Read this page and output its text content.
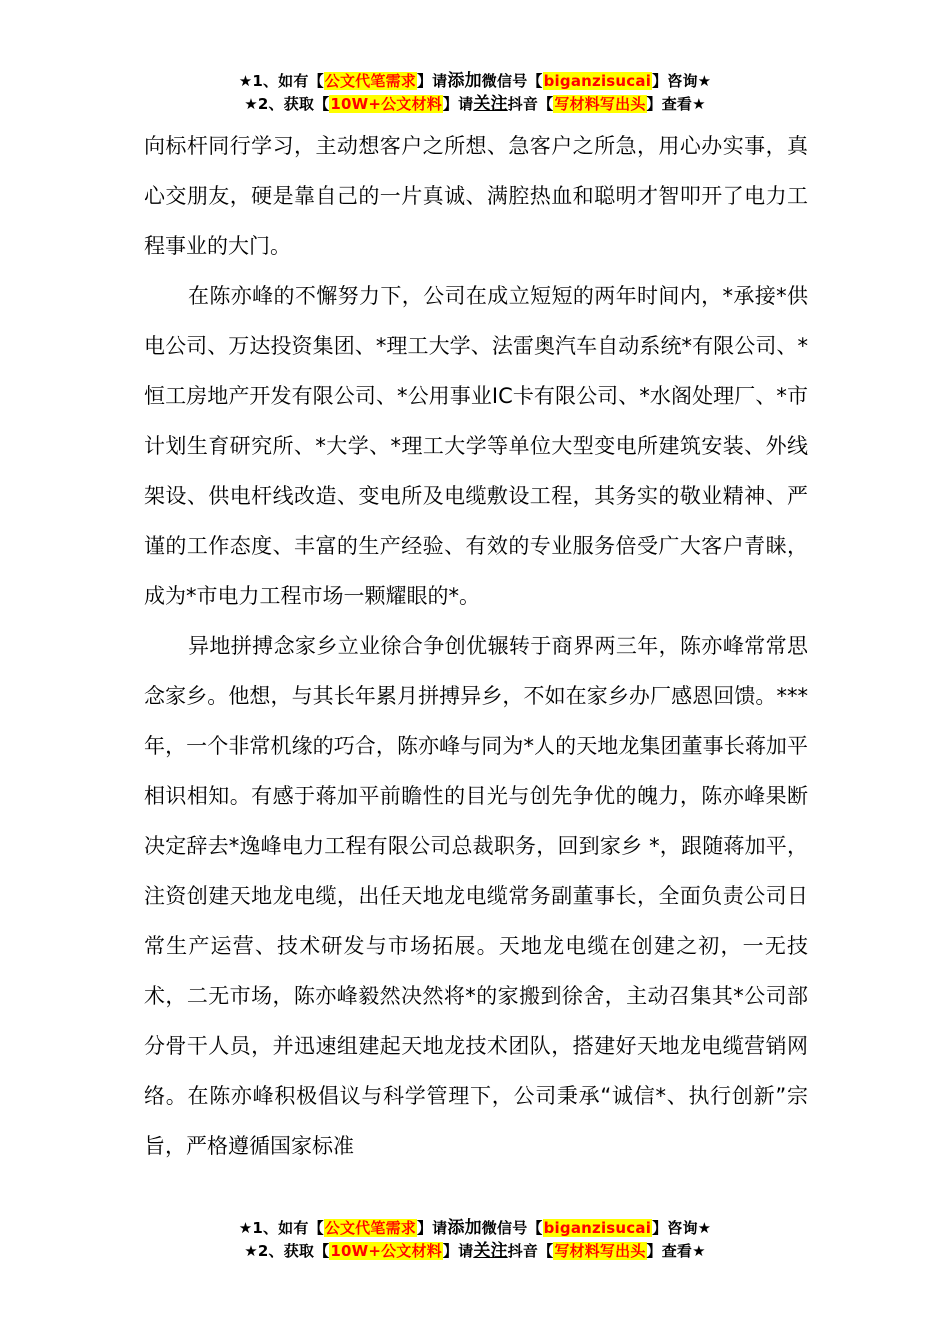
★1、如有【公文代笔需求】请添加微信号【biganzisucai】咨询★
★2、获取【10W+公文材料】请关注抖音【写材料写出头】查看★

向标杆同行学习，主动想客户之所想、急客户之所急，用心办实事，真心交朋友，硬是靠自己的一片真诚、满腔热血和聪明才智叩开了电力工程事业的大门。

在陈亦峰的不懈努力下，公司在成立短短的两年时间内，*承接*供电公司、万达投资集团、*理工大学、法雷奥汽车自动系统*有限公司、*恒工房地产开发有限公司、*公用事业IC卡有限公司、*水阁处理厂、*市计划生育研究所、*大学、*理工大学等单位大型变电所建筑安装、外线架设、供电杆线改造、变电所及电缆敷设工程，其务实的敬业精神、严谨的工作态度、丰富的生产经验、有效的专业服务倍受广大客户青睐，成为*市电力工程市场一颗耀眼的*。

异地拼搏念家乡立业徐合争创优辗转于商界两三年，陈亦峰常常思念家乡。他想，与其长年累月拼搏异乡，不如在家乡办厂感恩回馈。***年，一个非常机缘的巧合，陈亦峰与同为*人的天地龙集团董事长蒋加平相识相知。有感于蒋加平前瞻性的目光与创先争优的魄力，陈亦峰果断决定辞去*逸峰电力工程有限公司总裁职务，回到家乡 *，跟随蒋加平，注资创建天地龙电缆，出任天地龙电缆常务副董事长，全面负责公司日常生产运营、技术研发与市场拓展。天地龙电缆在创建之初，一无技术，二无市场，陈亦峰毅然决然将*的家搬到徐舍，主动召集其*公司部分骨干人员，并迅速组建起天地龙技术团队，搭建好天地龙电缆营销网络。在陈亦峰积极倡议与科学管理下，公司秉承“诚信*、执行创新”宗旨，严格遵循国家标准

★1、如有【公文代笔需求】请添加微信号【biganzisucai】咨询★
★2、获取【10W+公文材料】请关注抖音【写材料写出头】查看★
